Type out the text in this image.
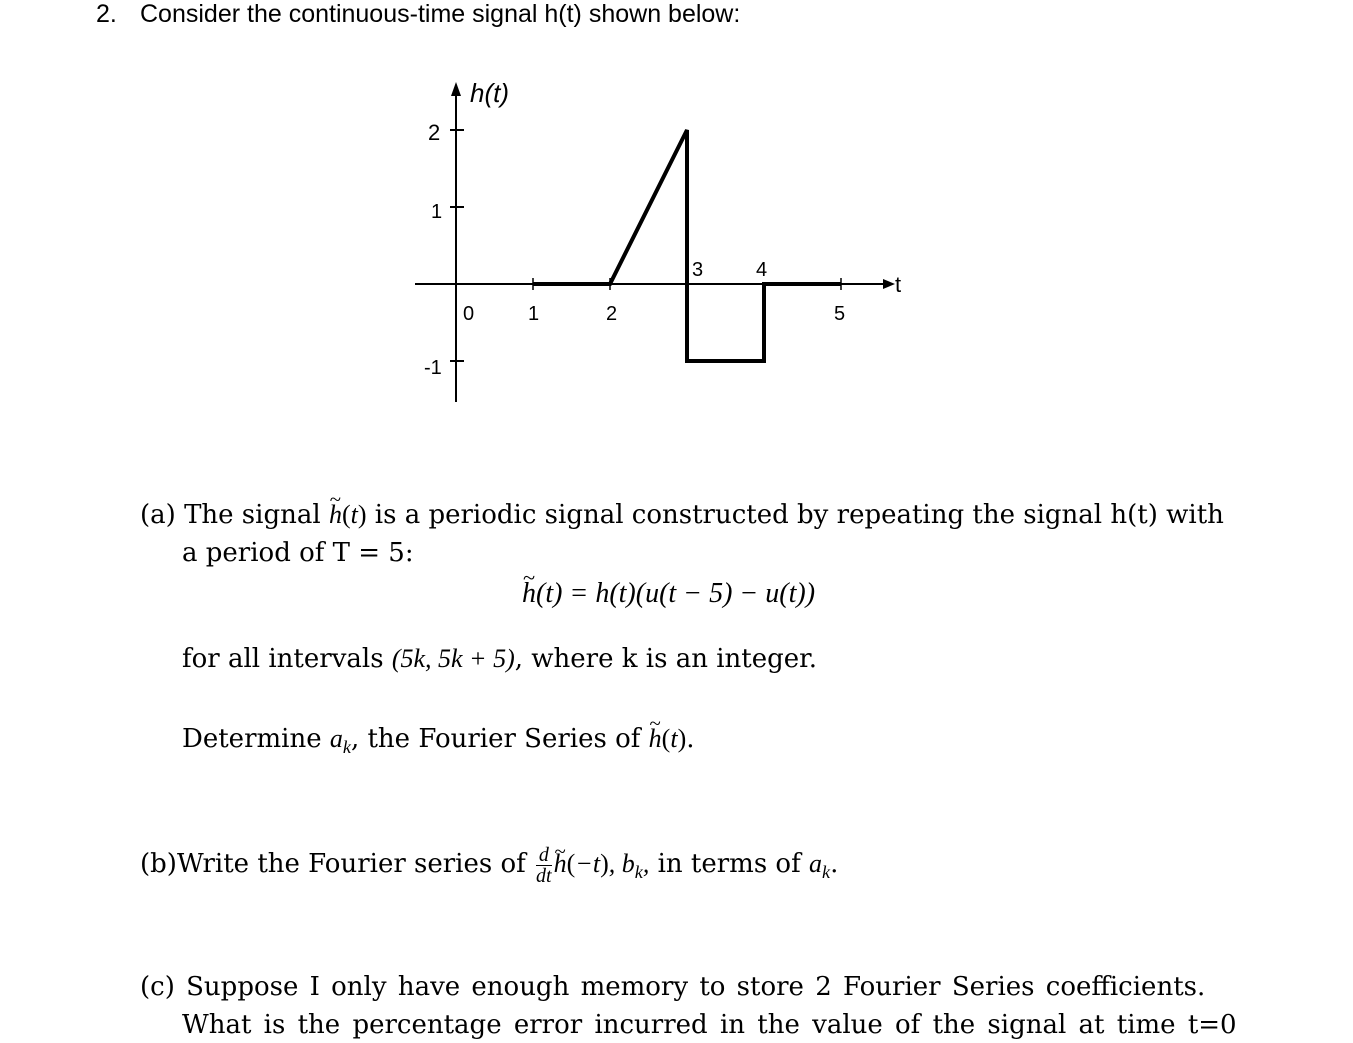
2. Consider the continuous-time signal h(t) shown below:
h(t)
t
2
1
-1
0	1	2
3	4
5
(a) The signal ~ h(t) is a periodic signal constructed by repeating the signal h(t) with
a period of T = 5:
~ h(t) = h(t)(u(t − 5) − u(t))
for all intervals (5k, 5k + 5), where k is an integer.
Determine $a_k$, the Fourier Series of ~ h(t).
(b)Write the Fourier series of $\frac{d}{dt}$ ~ h(−t), $b_k$, in terms of $a_k$.
(c) Suppose I only have enough memory to store 2 Fourier Series coefficients.
What is the percentage error incurred in the value of the signal at time t=0
